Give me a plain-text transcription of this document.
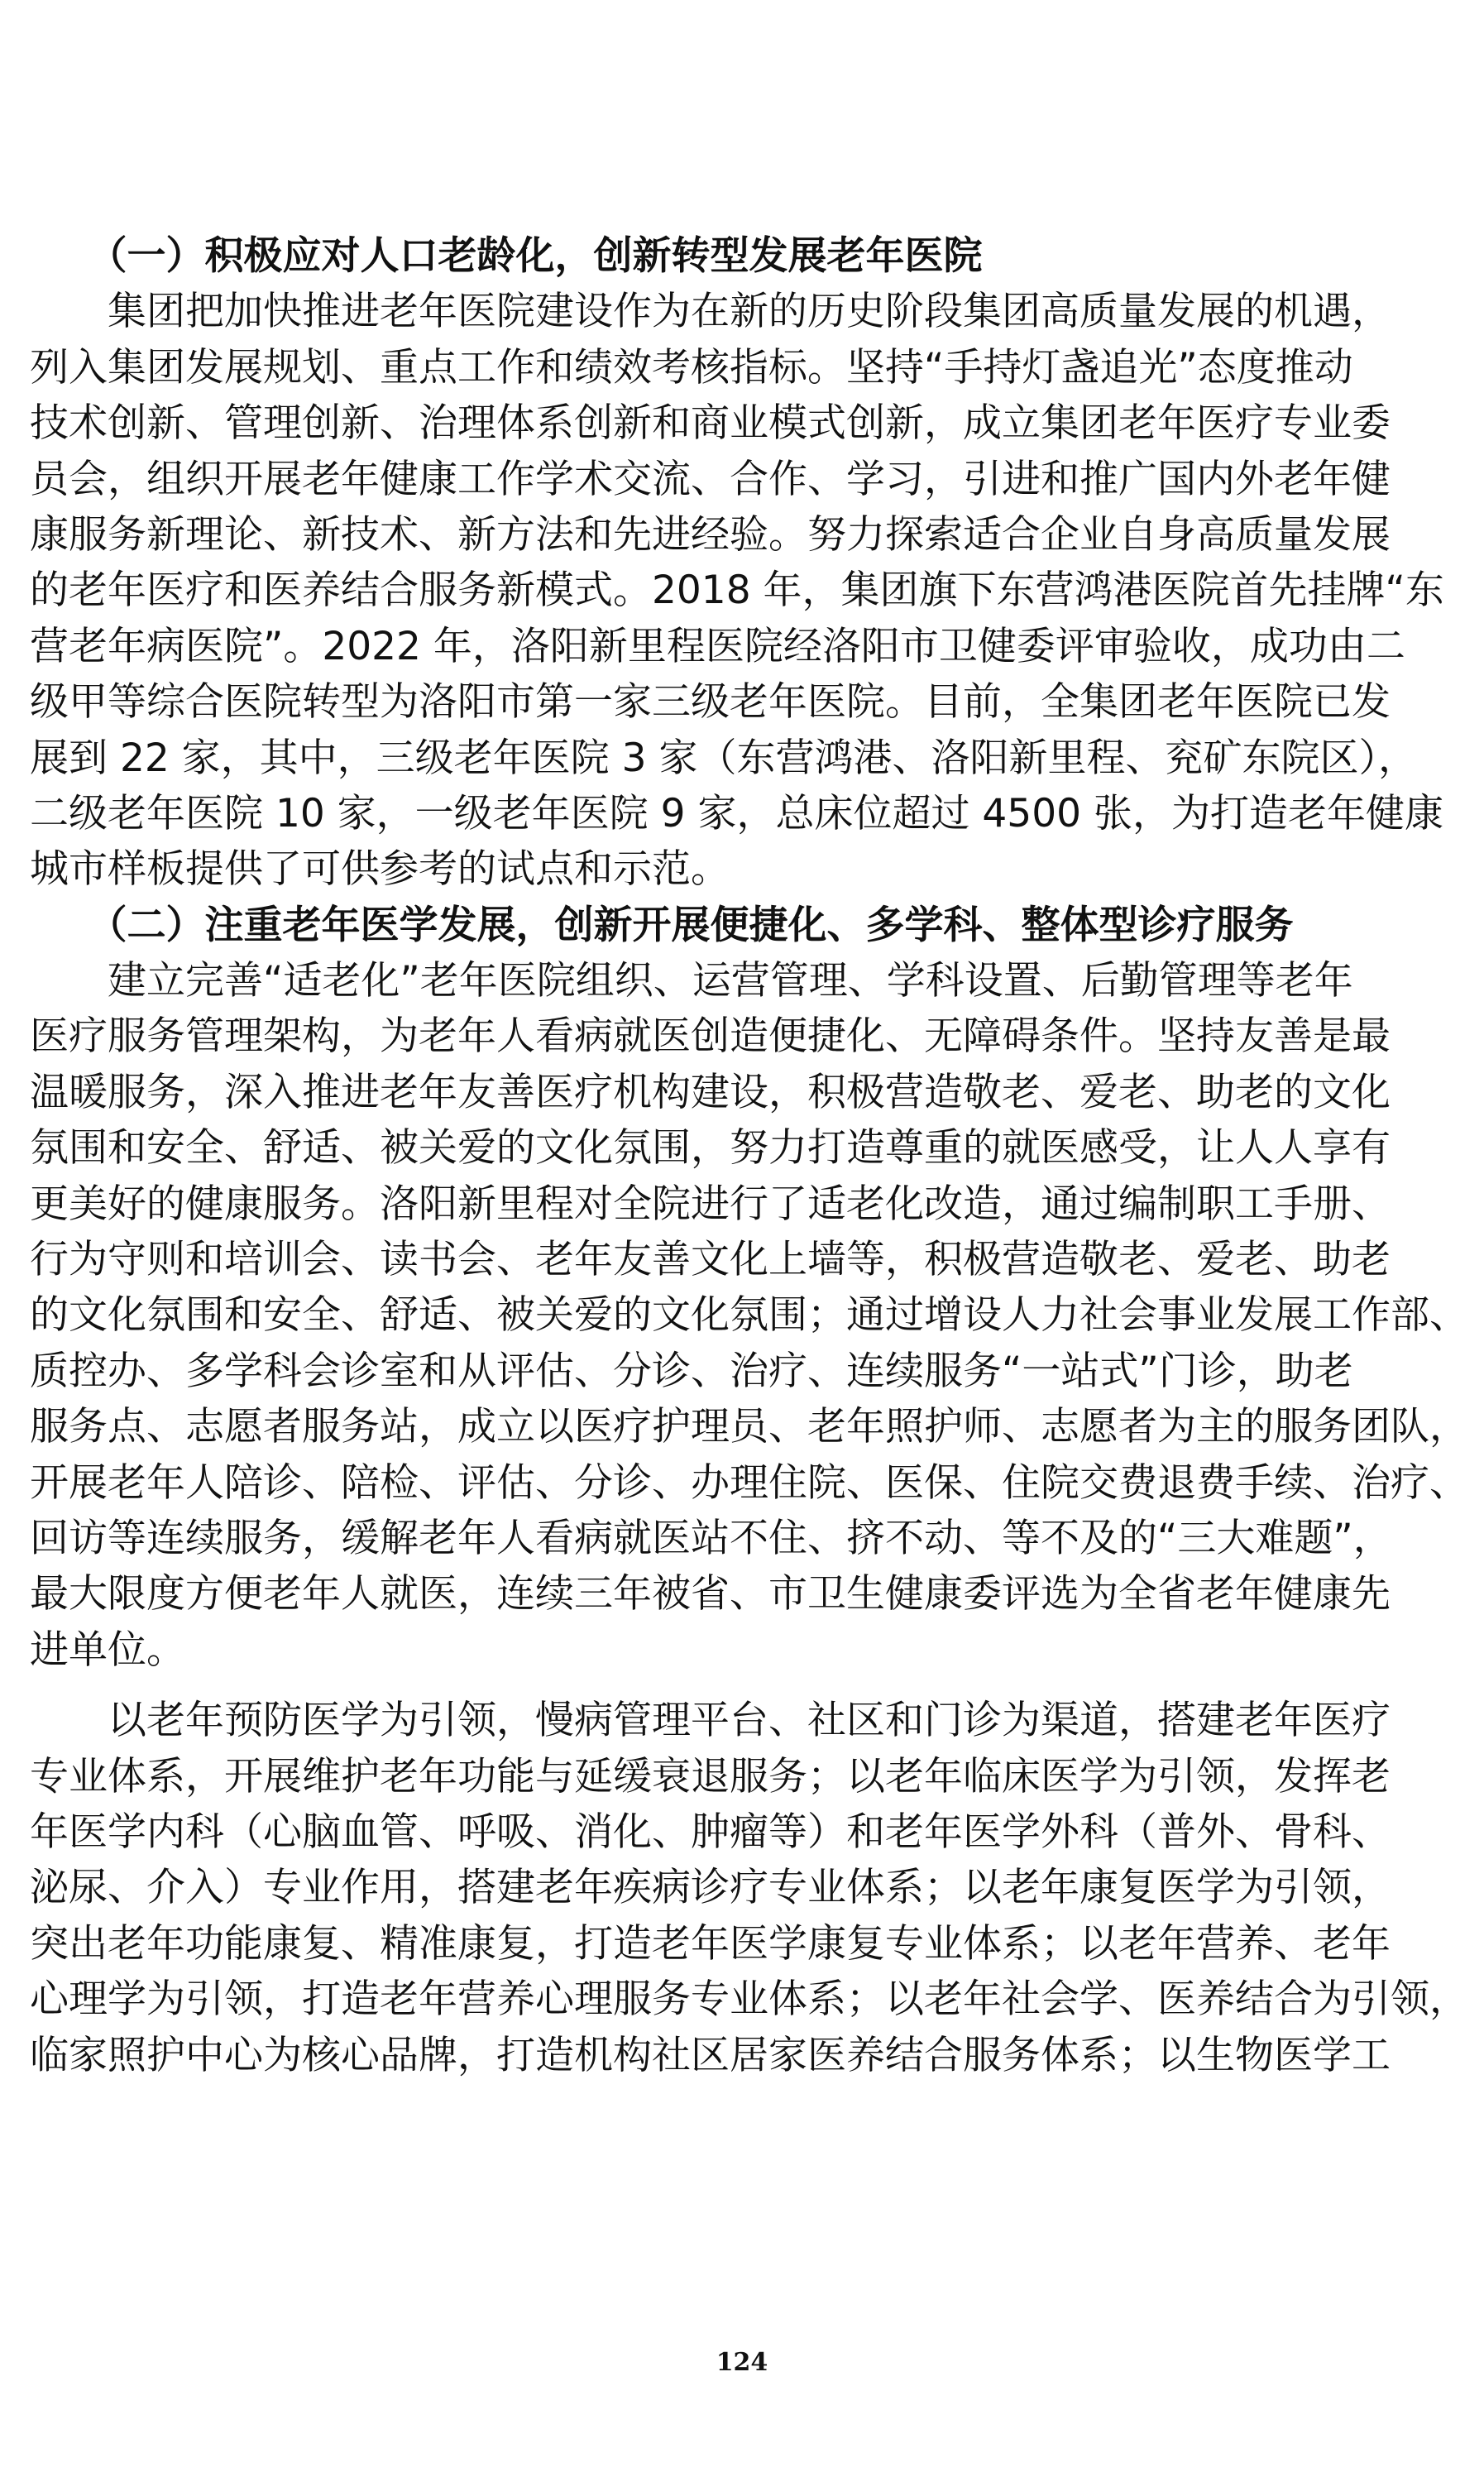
　　（一）积极应对人口老龄化，创新转型发展老年医院
　　集团把加快推进老年医院建设作为在新的历史阶段集团高质量发展的机遇，
列入集团发展规划、重点工作和绩效考核指标。坚持“手持灯盏追光”态度推动
技术创新、管理创新、治理体系创新和商业模式创新，成立集团老年医疗专业委
员会，组织开展老年健康工作学术交流、合作、学习，引进和推广国内外老年健
康服务新理论、新技术、新方法和先进经验。努力探索适合企业自身高质量发展
的老年医疗和医养结合服务新模式。2018 年，集团旗下东营鸿港医院首先挂牌“东
营老年病医院”。2022 年，洛阳新里程医院经洛阳市卫健委评审验收，成功由二
级甲等综合医院转型为洛阳市第一家三级老年医院。目前，全集团老年医院已发
展到 22 家，其中，三级老年医院 3 家（东营鸿港、洛阳新里程、兖矿东院区），
二级老年医院 10 家，一级老年医院 9 家，总床位超过 4500 张，为打造老年健康
城市样板提供了可供参考的试点和示范。
　　（二）注重老年医学发展，创新开展便捷化、多学科、整体型诊疗服务
　　建立完善“适老化”老年医院组织、运营管理、学科设置、后勤管理等老年
医疗服务管理架构，为老年人看病就医创造便捷化、无障碍条件。坚持友善是最
温暖服务，深入推进老年友善医疗机构建设，积极营造敬老、爱老、助老的文化
氛围和安全、舒适、被关爱的文化氛围，努力打造尊重的就医感受，让人人享有
更美好的健康服务。洛阳新里程对全院进行了适老化改造，通过编制职工手册、
行为守则和培训会、读书会、老年友善文化上墙等，积极营造敬老、爱老、助老
的文化氛围和安全、舒适、被关爱的文化氛围；通过增设人力社会事业发展工作部、
质控办、多学科会诊室和从评估、分诊、治疗、连续服务“一站式”门诊，助老
服务点、志愿者服务站，成立以医疗护理员、老年照护师、志愿者为主的服务团队，
开展老年人陪诊、陪检、评估、分诊、办理住院、医保、住院交费退费手续、治疗、
回访等连续服务，缓解老年人看病就医站不住、挤不动、等不及的“三大难题”，
最大限度方便老年人就医，连续三年被省、市卫生健康委评选为全省老年健康先
进单位。
　　以老年预防医学为引领，慢病管理平台、社区和门诊为渠道，搭建老年医疗
专业体系，开展维护老年功能与延缓衰退服务；以老年临床医学为引领，发挥老
年医学内科（心脑血管、呼吸、消化、肿瘤等）和老年医学外科（普外、骨科、
泌尿、介入）专业作用，搭建老年疾病诊疗专业体系；以老年康复医学为引领，
突出老年功能康复、精准康复，打造老年医学康复专业体系；以老年营养、老年
心理学为引领，打造老年营养心理服务专业体系；以老年社会学、医养结合为引领，
临家照护中心为核心品牌，打造机构社区居家医养结合服务体系；以生物医学工
124
